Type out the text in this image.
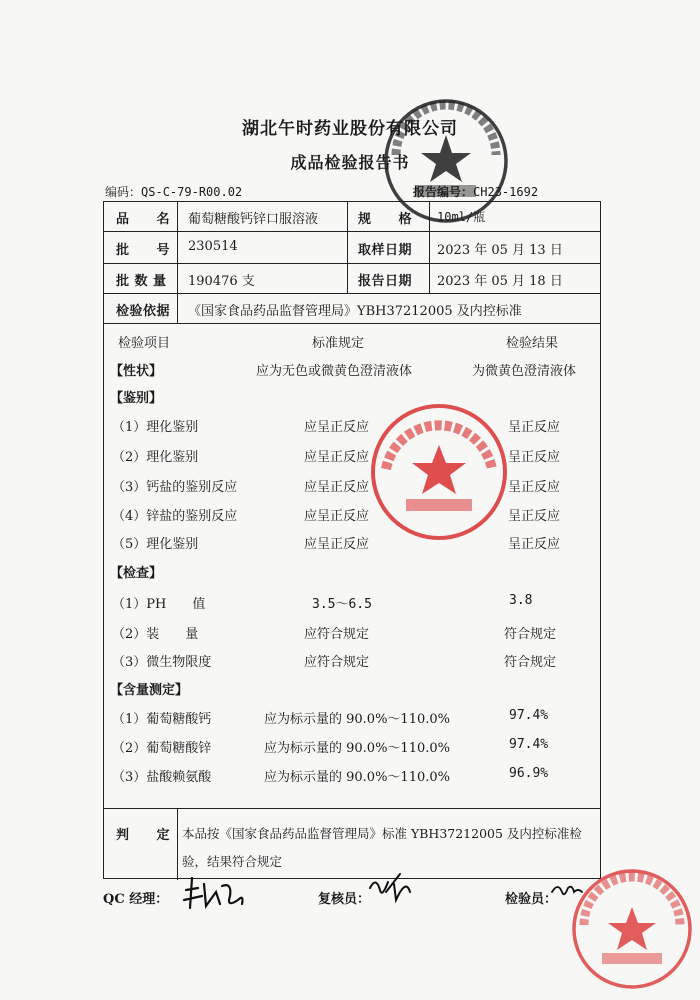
湖北午时药业股份有限公司
成品检验报告书
编码：QS-C-79-R00.02	报告编号：CH23-1692
品　　名 葡萄糖酸钙锌口服溶液	规　　格 10ml/瓶
批　　号 230514	取样日期 2023 年 05 月 13 日
批 数 量 190476 支	报告日期 2023 年 05 月 18 日
检验依据 《国家食品药品监督管理局》YBH37212005 及内控标准
检验项目	标准规定	检验结果
【性状】	应为无色或微黄色澄清液体	为微黄色澄清液体
【鉴别】
（1）理化鉴别	应呈正反应	呈正反应
（2）理化鉴别	应呈正反应	呈正反应
（3）钙盐的鉴别反应	应呈正反应	呈正反应
（4）锌盐的鉴别反应	应呈正反应	呈正反应
（5）理化鉴别	应呈正反应	呈正反应
【检查】
（1）PH　　值	3.5～6.5	3.8
（2）装　　量	应符合规定	符合规定
（3）微生物限度	应符合规定	符合规定
【含量测定】
（1）葡萄糖酸钙	应为标示量的 90.0%～110.0%	97.4%
（2）葡萄糖酸锌	应为标示量的 90.0%～110.0%	97.4%
（3）盐酸赖氨酸	应为标示量的 90.0%～110.0%	96.9%
判　　定 本品按《国家食品药品监督管理局》标准 YBH37212005 及内控标准检
验，结果符合规定
QC 经理：	复核员：	检验员：
